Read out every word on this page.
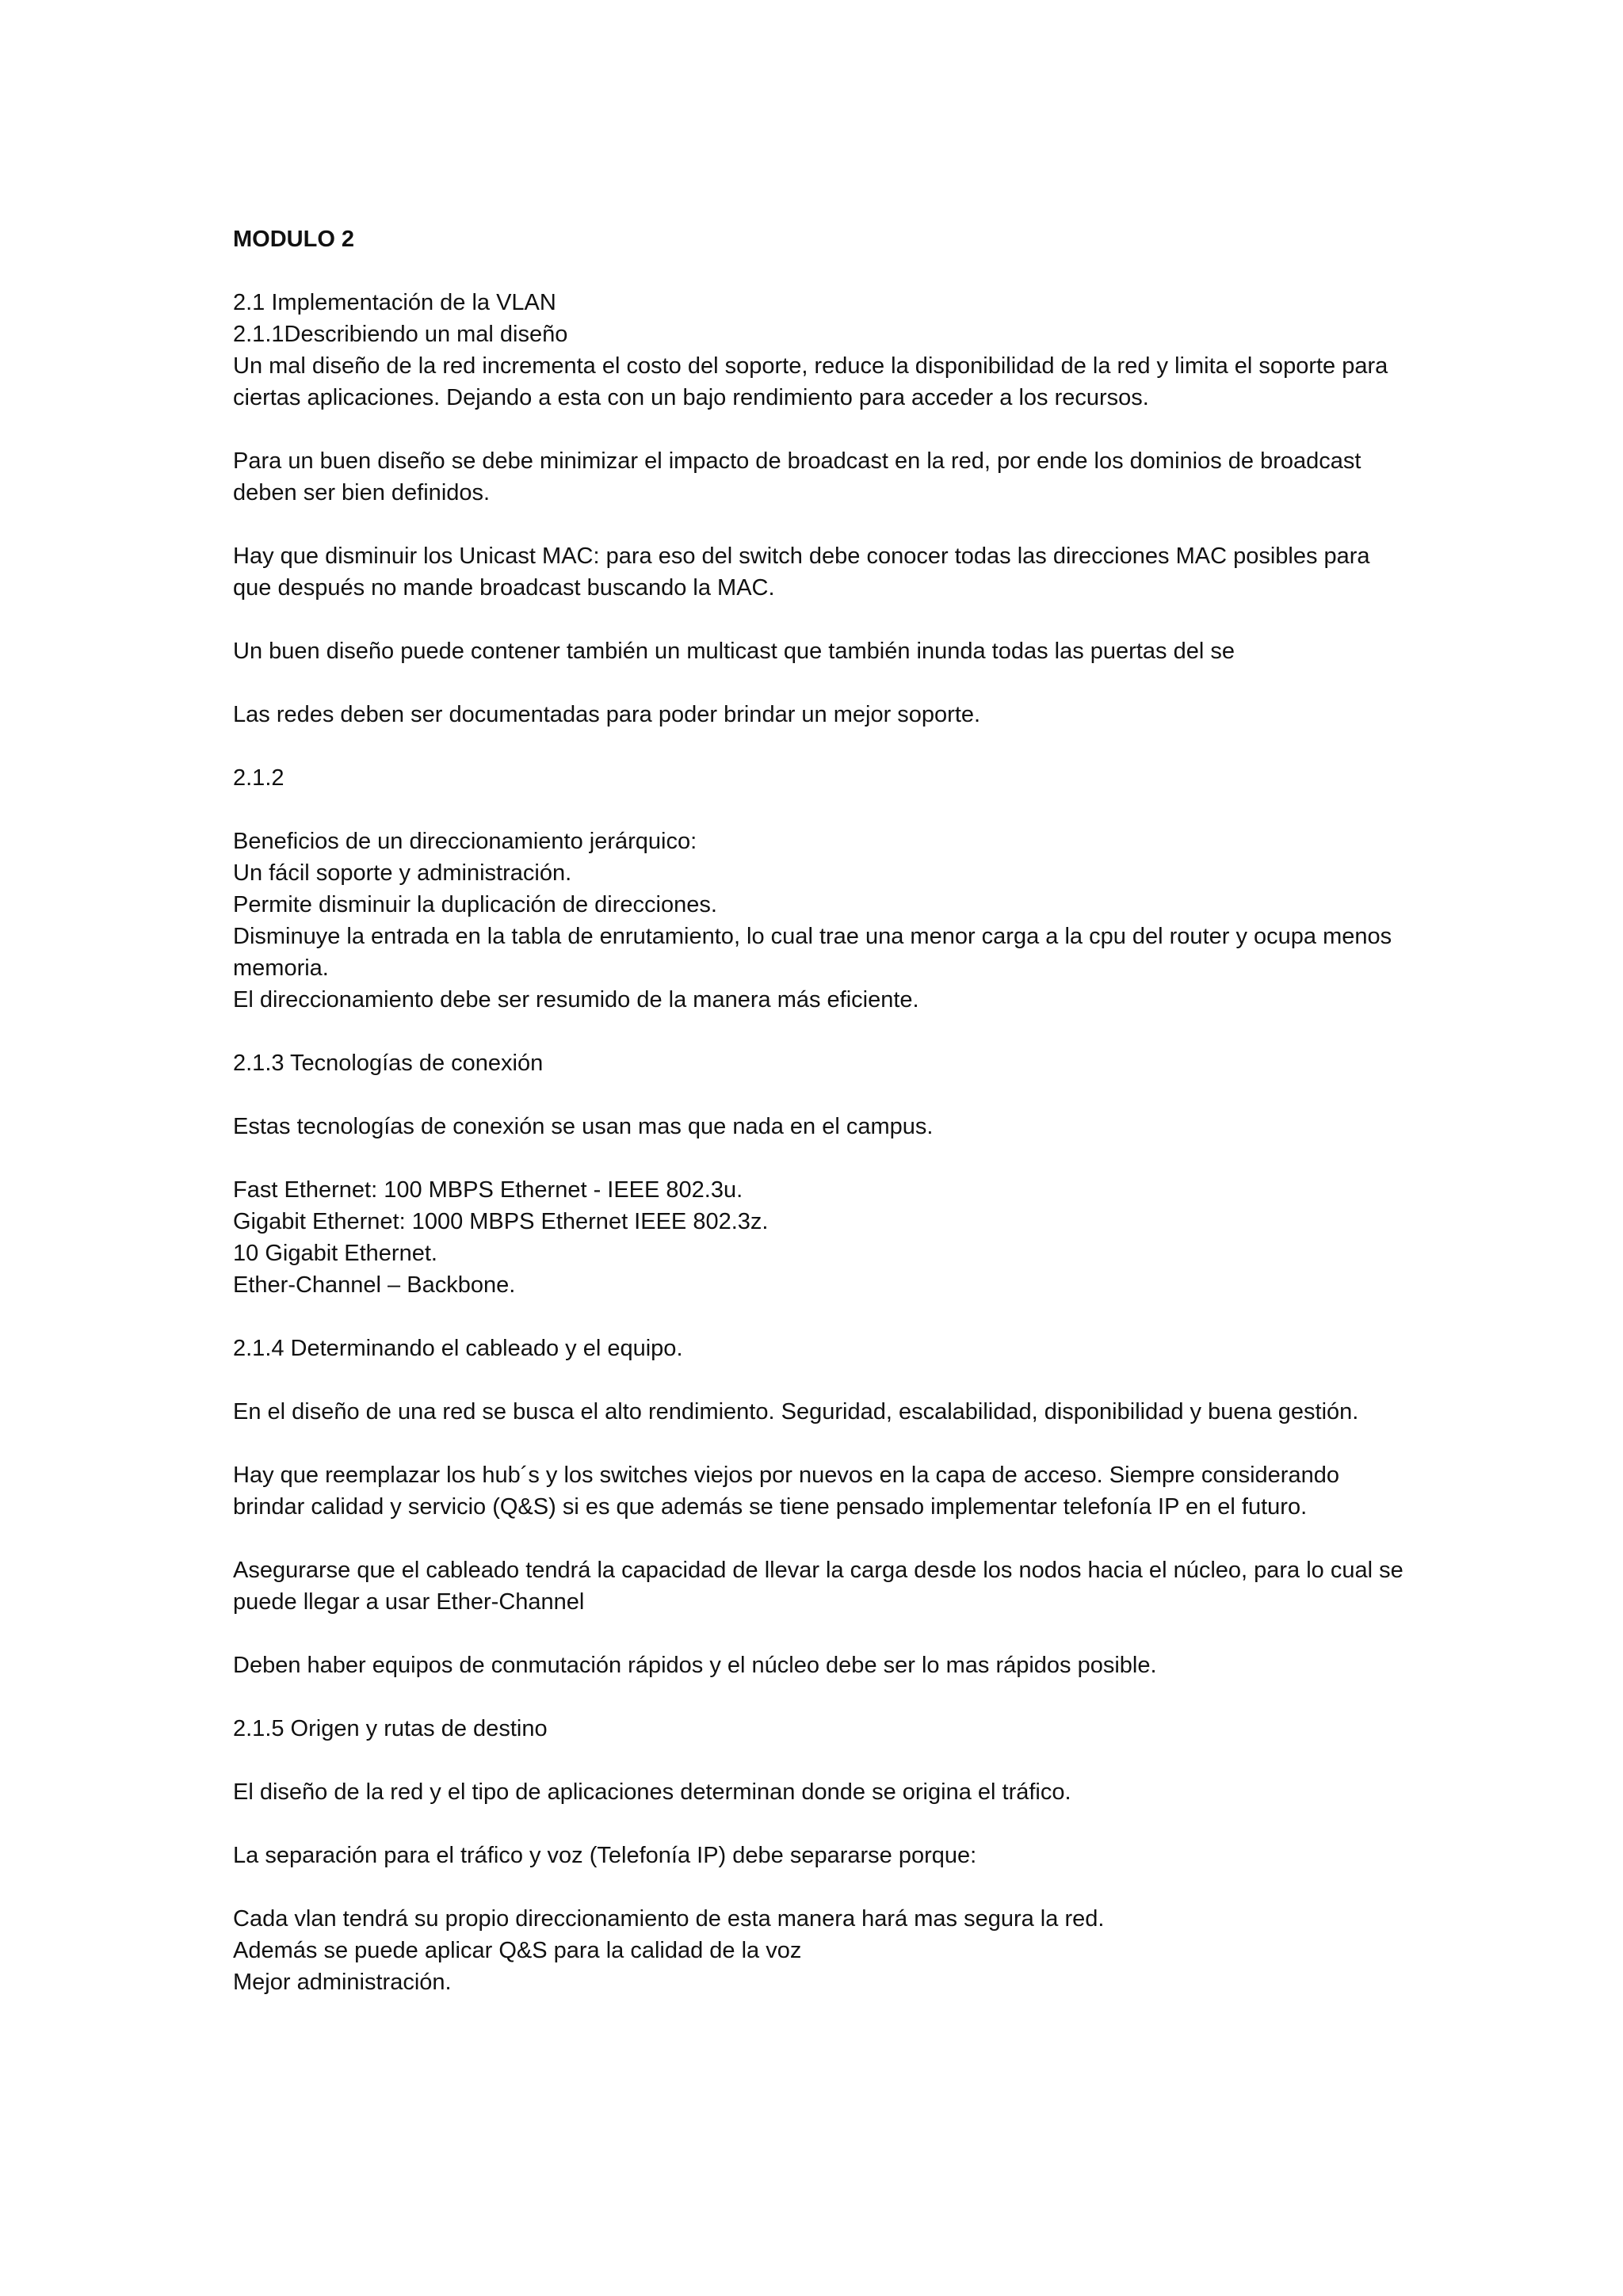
MODULO 2

2.1 Implementación de la VLAN

2.1.1Describiendo un mal diseño

Un mal diseño de la red incrementa el costo del soporte, reduce la disponibilidad de la red y limita el soporte para ciertas aplicaciones. Dejando a esta con un bajo rendimiento para acceder a los recursos.

Para un buen diseño se debe minimizar el impacto de broadcast en la red, por ende los dominios de broadcast deben ser bien definidos.

Hay que disminuir los Unicast MAC: para eso del switch debe conocer todas las direcciones MAC posibles para que después no mande broadcast buscando la MAC.

Un buen diseño puede contener también un multicast que también inunda todas las puertas del se

Las redes deben ser documentadas para poder brindar un mejor soporte.

2.1.2

Beneficios de un direccionamiento jerárquico:

Un fácil soporte y administración.

Permite disminuir la duplicación de direcciones.

Disminuye la entrada en la tabla de enrutamiento, lo cual trae una menor carga a la cpu del router y ocupa menos memoria.

El direccionamiento debe ser resumido de la manera más eficiente.

2.1.3 Tecnologías de conexión

Estas tecnologías de conexión se usan mas que nada en el campus.

Fast Ethernet: 100 MBPS Ethernet - IEEE 802.3u.

Gigabit Ethernet: 1000 MBPS Ethernet IEEE 802.3z.

10 Gigabit Ethernet.

Ether-Channel – Backbone.

2.1.4 Determinando el cableado y el equipo.

En el diseño de una red se busca el alto rendimiento. Seguridad, escalabilidad, disponibilidad y buena gestión.

Hay que reemplazar los hub´s y los switches viejos por nuevos en la capa de acceso. Siempre considerando brindar calidad y servicio (Q&S) si es que además se tiene pensado implementar telefonía IP en el futuro.

Asegurarse que el cableado tendrá la capacidad de llevar la carga desde los nodos hacia el núcleo, para lo cual se puede llegar a usar Ether-Channel

Deben haber equipos de conmutación rápidos y el núcleo debe ser lo mas rápidos posible.

2.1.5 Origen y rutas de destino

El diseño de la red y el tipo de aplicaciones determinan donde se origina el tráfico.

La separación para el tráfico y voz (Telefonía IP) debe separarse porque:

Cada vlan tendrá su propio direccionamiento de esta manera hará mas segura la red.

Además se puede aplicar Q&S para la calidad de la voz

Mejor administración.
